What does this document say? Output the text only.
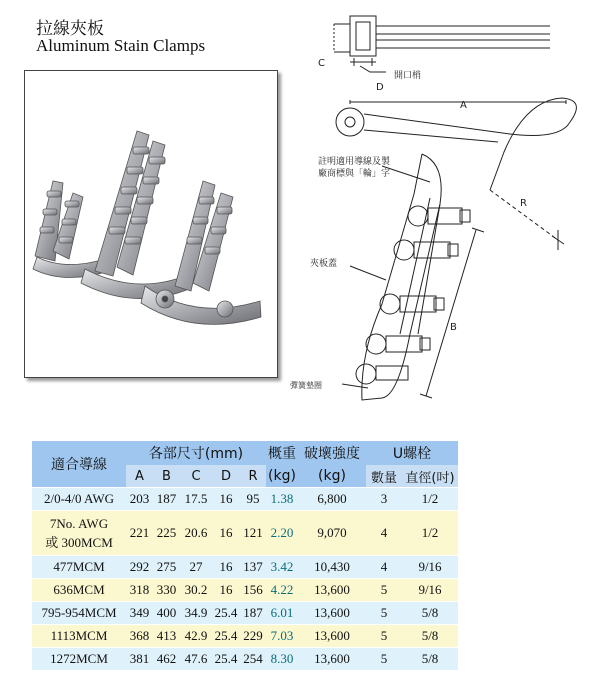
拉線夾板
Aluminum Stain Clamps
C
D
開口梢
A
註明適用導線及製
廠商標與「輪」字
R
夾板蓋
B
彈簧墊圈
適合導線	各部尺寸(mm)					概重	破壞強度	U螺栓	
	A	B	C	D	R	(kg)	(kg)	數量	直徑(吋)
2/0-4/0 AWG	203	187	17.5	16	95	1.38	6,800	3	1/2

7No. AWG
或 300MCM	221	225	20.6	16	121	2.20	9,070	4	1/2
477MCM	292	275	27	16	137	3.42	10,430	4	9/16
636MCM	318	330	30.2	16	156	4.22	13,600	5	9/16
795-954MCM	349	400	34.9	25.4	187	6.01	13,600	5	5/8
1113MCM	368	413	42.9	25.4	229	7.03	13,600	5	5/8
1272MCM	381	462	47.6	25.4	254	8.30	13,600	5	5/8
